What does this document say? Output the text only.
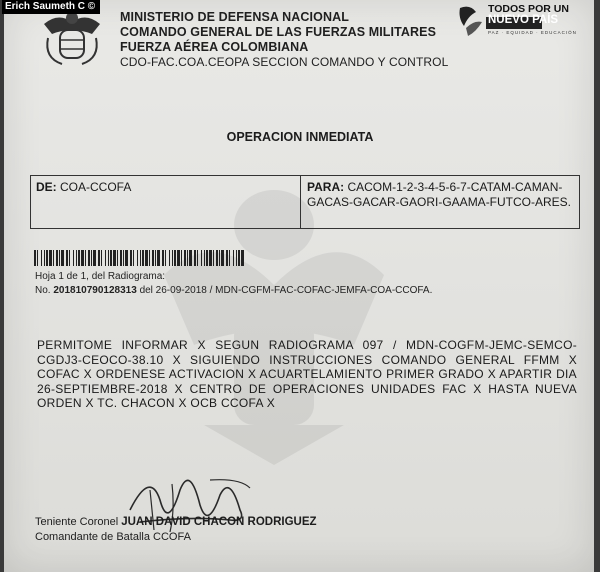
MINISTERIO DE DEFENSA NACIONAL
COMANDO GENERAL DE LAS FUERZAS MILITARES
FUERZA AÉREA COLOMBIANA
CDO-FAC.COA.CEOPA SECCION COMANDO Y CONTROL
TODOS POR UN
NUEVO PAÍS
PAZ · EQUIDAD · EDUCACIÓN
Erich Saumeth C ©
OPERACION INMEDIATA
DE: COA-CCOFA	PARA: CACOM-1-2-3-4-5-6-7-CATAM-CAMAN-GACAS-GACAR-GAORI-GAAMA-FUTCO-ARES.
Hoja 1 de 1, del Radiograma:
No. 201810790128313 del 26-09-2018 / MDN-CGFM-FAC-COFAC-JEMFA-COA-CCOFA.
PERMITOME INFORMAR X SEGUN RADIOGRAMA 097 / MDN-COGFM-JEMC-SEMCO-CGDJ3-CEOCO-38.10 X SIGUIENDO INSTRUCCIONES COMANDO GENERAL FFMM X COFAC X ORDENESE ACTIVACION X ACUARTELAMIENTO PRIMER GRADO X APARTIR DIA 26-SEPTIEMBRE-2018 X CENTRO DE OPERACIONES UNIDADES FAC X HASTA NUEVA ORDEN X TC. CHACON X OCB CCOFA X
Teniente Coronel JUAN DAVID CHACON RODRIGUEZ
Comandante de Batalla CCOFA
